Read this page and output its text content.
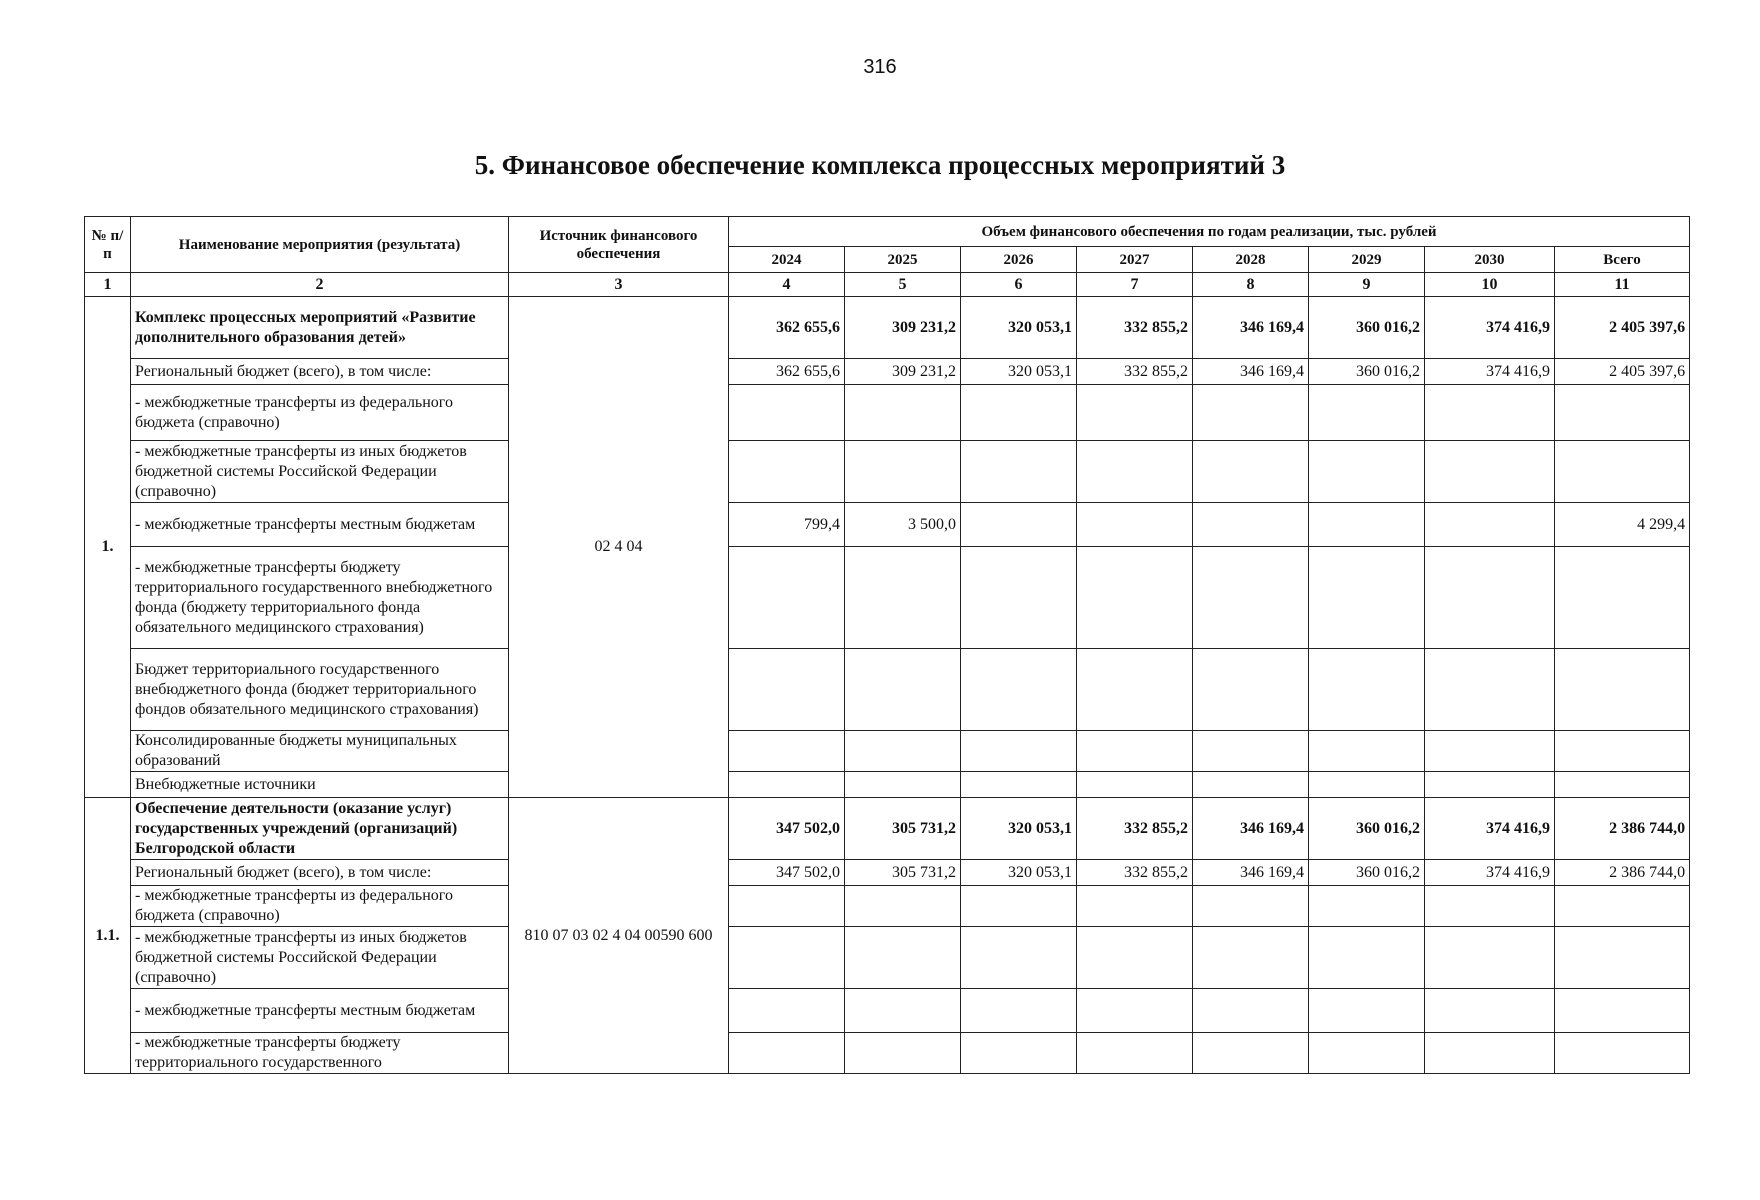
316
5. Финансовое обеспечение комплекса процессных мероприятий 3
№ п/п	Наименование мероприятия (результата)	Источник финансового обеспечения	Объем финансового обеспечения по годам реализации, тыс. рублей							
			2024	2025	2026	2027	2028	2029	2030	Всего
1	2	3	4	5	6	7	8	9	10	11
1.	Комплекс процессных мероприятий «Развитие дополнительного образования детей»	02 4 04	362 655,6	309 231,2	320 053,1	332 855,2	346 169,4	360 016,2	374 416,9	2 405 397,6
	Региональный бюджет (всего), в том числе:		362 655,6	309 231,2	320 053,1	332 855,2	346 169,4	360 016,2	374 416,9	2 405 397,6
	- межбюджетные трансферты из федерального бюджета (справочно)									
	- межбюджетные трансферты из иных бюджетов бюджетной системы Российской Федерации (справочно)									
	- межбюджетные трансферты местным бюджетам		799,4	3 500,0						4 299,4
	- межбюджетные трансферты бюджету территориального государственного внебюджетного фонда (бюджету территориального фонда обязательного медицинского страхования)									
	Бюджет территориального государственного внебюджетного фонда (бюджет территориального фондов обязательного медицинского страхования)									
	Консолидированные бюджеты муниципальных образований									
	Внебюджетные источники									
1.1.	Обеспечение деятельности (оказание услуг) государственных учреждений (организаций) Белгородской области	810 07 03 02 4 04 00590 600	347 502,0	305 731,2	320 053,1	332 855,2	346 169,4	360 016,2	374 416,9	2 386 744,0
	Региональный бюджет (всего), в том числе:		347 502,0	305 731,2	320 053,1	332 855,2	346 169,4	360 016,2	374 416,9	2 386 744,0
	- межбюджетные трансферты из федерального бюджета (справочно)									
	- межбюджетные трансферты из иных бюджетов бюджетной системы Российской Федерации (справочно)									
	- межбюджетные трансферты местным бюджетам									
	- межбюджетные трансферты бюджету территориального государственного									
